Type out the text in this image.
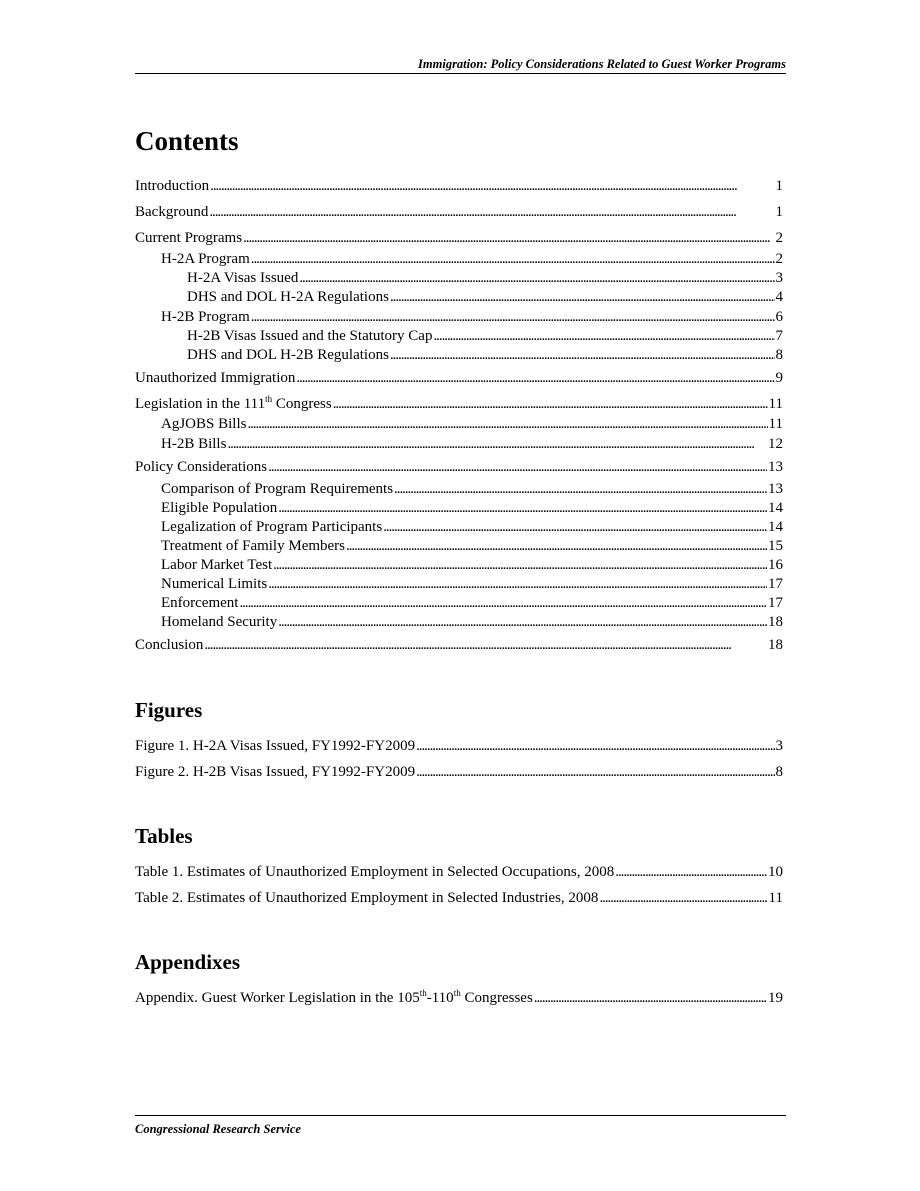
Immigration: Policy Considerations Related to Guest Worker Programs
Contents
Introduction . . .	1
Background . . .	1
Current Programs . . .	2
H-2A Program . . .	2
H-2A Visas Issued . . .	3
DHS and DOL H-2A Regulations . . .	4
H-2B Program . . .	6
H-2B Visas Issued and the Statutory Cap . . .	7
DHS and DOL H-2B Regulations . . .	8
Unauthorized Immigration . . .	9
Legislation in the 111th Congress . . .	11
AgJOBS Bills . . .	11
H-2B Bills . . .	12
Policy Considerations . . .	13
Comparison of Program Requirements . . .	13
Eligible Population . . .	14
Legalization of Program Participants . . .	14
Treatment of Family Members . . .	15
Labor Market Test . . .	16
Numerical Limits . . .	17
Enforcement . . .	17
Homeland Security . . .	18
Conclusion . . .	18
Figures
Figure 1. H-2A Visas Issued, FY1992-FY2009 . . .	3
Figure 2. H-2B Visas Issued, FY1992-FY2009 . . .	8
Tables
Table 1. Estimates of Unauthorized Employment in Selected Occupations, 2008 . . .	10
Table 2. Estimates of Unauthorized Employment in Selected Industries, 2008 . . .	11
Appendixes
Appendix. Guest Worker Legislation in the 105th-110th Congresses . . .	19
Congressional Research Service
